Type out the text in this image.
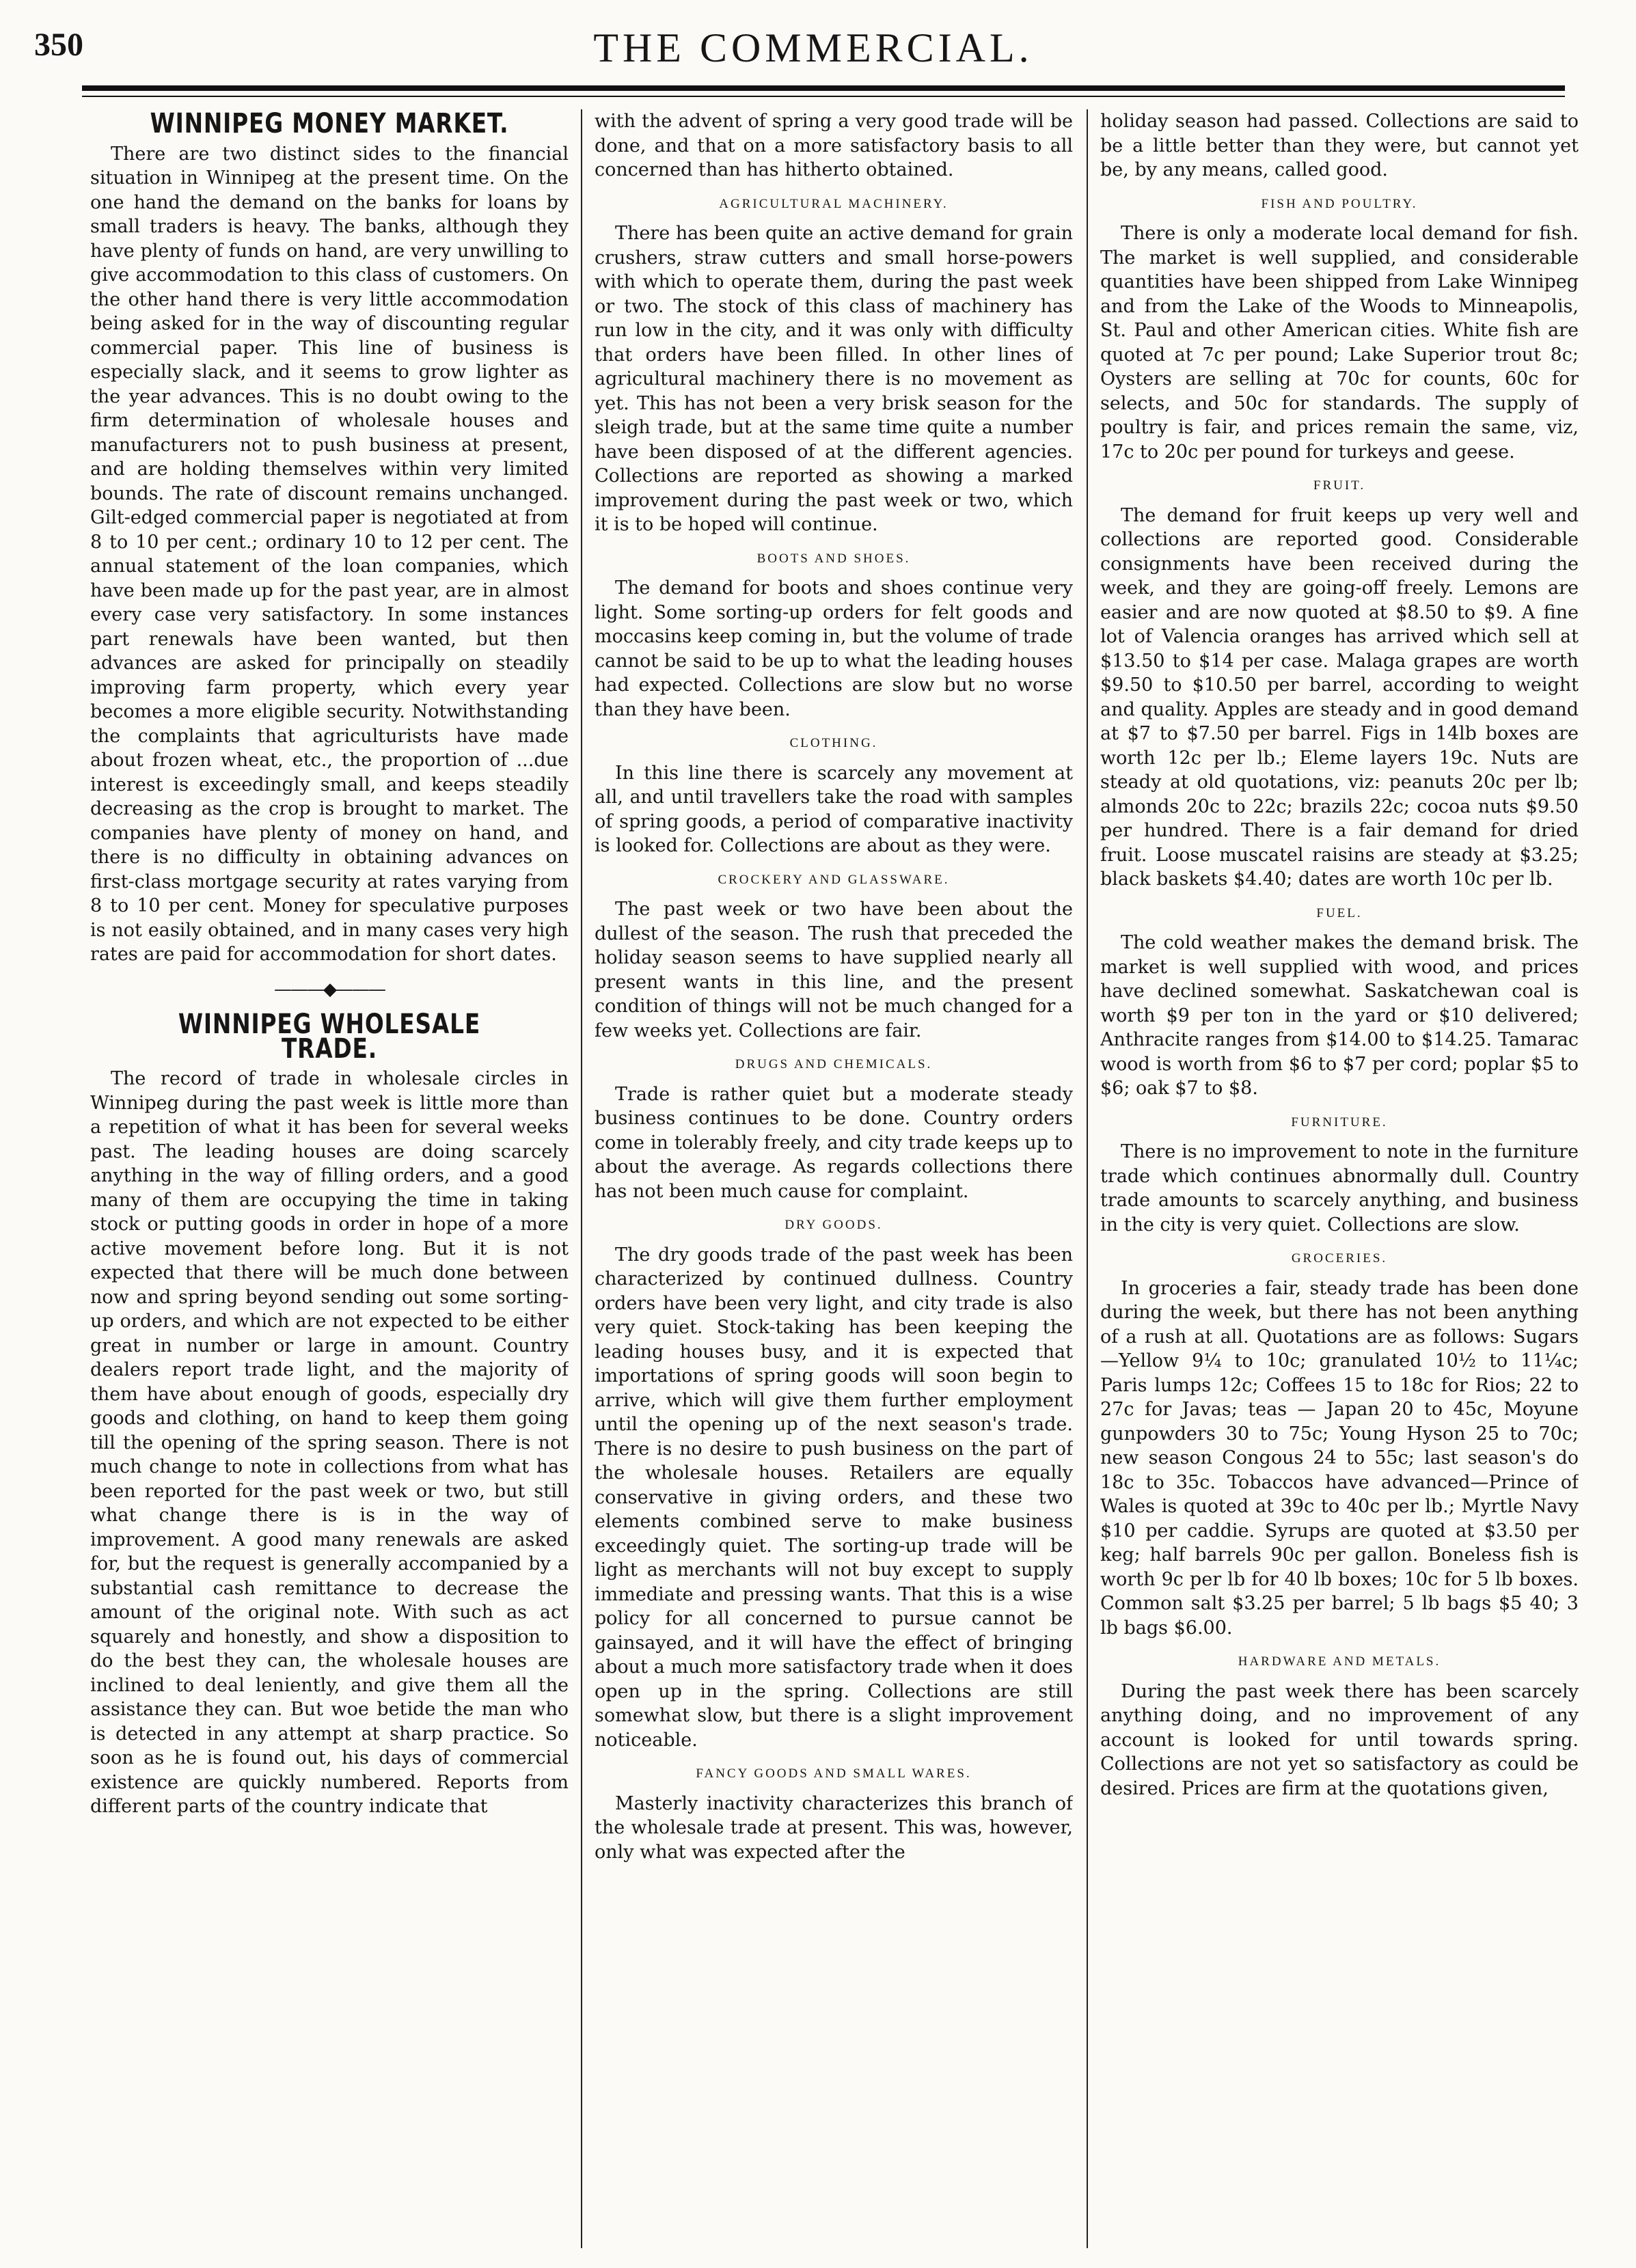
350	THE COMMERCIAL.
WINNIPEG MONEY MARKET.

There are two distinct sides to the financial situation in Winnipeg at the present time. On the one hand the demand on the banks for loans by small traders is heavy. The banks, although they have plenty of funds on hand, are very unwilling to give accommodation to this class of customers. On the other hand there is very little accommodation being asked for in the way of discounting regular commercial paper. This line of business is especially slack, and it seems to grow lighter as the year advances. This is no doubt owing to the firm determination of wholesale houses and manufacturers not to push business at present, and are holding themselves within very limited bounds. The rate of discount remains unchanged. Gilt-edged commercial paper is negotiated at from 8 to 10 per cent.; ordinary 10 to 12 per cent. The annual statement of the loan companies, which have been made up for the past year, are in almost every case very satisfactory. In some instances part renewals have been wanted, but then advances are asked for principally on steadily improving farm property, which every year becomes a more eligible security. Notwithstanding the complaints that agriculturists have made about frozen wheat, etc., the proportion of ...due interest is exceedingly small, and keeps steadily decreasing as the crop is brought to market. The companies have plenty of money on hand, and there is no difficulty in obtaining advances on first-class mortgage security at rates varying from 8 to 10 per cent. Money for speculative purposes is not easily obtained, and in many cases very high rates are paid for accommodation for short dates.

———◆———
WINNIPEG WHOLESALE TRADE.

The record of trade in wholesale circles in Winnipeg during the past week is little more than a repetition of what it has been for several weeks past. The leading houses are doing scarcely anything in the way of filling orders, and a good many of them are occupying the time in taking stock or putting goods in order in hope of a more active movement before long. But it is not expected that there will be much done between now and spring beyond sending out some sorting-up orders, and which are not expected to be either great in number or large in amount. Country dealers report trade light, and the majority of them have about enough of goods, especially dry goods and clothing, on hand to keep them going till the opening of the spring season. There is not much change to note in collections from what has been reported for the past week or two, but still what change there is is in the way of improvement. A good many renewals are asked for, but the request is generally accompanied by a substantial cash remittance to decrease the amount of the original note. With such as act squarely and honestly, and show a disposition to do the best they can, the wholesale houses are inclined to deal leniently, and give them all the assistance they can. But woe betide the man who is detected in any attempt at sharp practice. So soon as he is found out, his days of commercial existence are quickly numbered. Reports from different parts of the country indicate that

with the advent of spring a very good trade will be done, and that on a more satisfactory basis to all concerned than has hitherto obtained.

AGRICULTURAL MACHINERY.

There has been quite an active demand for grain crushers, straw cutters and small horse-powers with which to operate them, during the past week or two. The stock of this class of machinery has run low in the city, and it was only with difficulty that orders have been filled. In other lines of agricultural machinery there is no movement as yet. This has not been a very brisk season for the sleigh trade, but at the same time quite a number have been disposed of at the different agencies. Collections are reported as showing a marked improvement during the past week or two, which it is to be hoped will continue.

BOOTS AND SHOES.

The demand for boots and shoes continue very light. Some sorting-up orders for felt goods and moccasins keep coming in, but the volume of trade cannot be said to be up to what the leading houses had expected. Collections are slow but no worse than they have been.

CLOTHING.

In this line there is scarcely any movement at all, and until travellers take the road with samples of spring goods, a period of comparative inactivity is looked for. Collections are about as they were.

CROCKERY AND GLASSWARE.

The past week or two have been about the dullest of the season. The rush that preceded the holiday season seems to have supplied nearly all present wants in this line, and the present condition of things will not be much changed for a few weeks yet. Collections are fair.

DRUGS AND CHEMICALS.

Trade is rather quiet but a moderate steady business continues to be done. Country orders come in tolerably freely, and city trade keeps up to about the average. As regards collections there has not been much cause for complaint.

DRY GOODS.

The dry goods trade of the past week has been characterized by continued dullness. Country orders have been very light, and city trade is also very quiet. Stock-taking has been keeping the leading houses busy, and it is expected that importations of spring goods will soon begin to arrive, which will give them further employment until the opening up of the next season's trade. There is no desire to push business on the part of the wholesale houses. Retailers are equally conservative in giving orders, and these two elements combined serve to make business exceedingly quiet. The sorting-up trade will be light as merchants will not buy except to supply immediate and pressing wants. That this is a wise policy for all concerned to pursue cannot be gainsayed, and it will have the effect of bringing about a much more satisfactory trade when it does open up in the spring. Collections are still somewhat slow, but there is a slight improvement noticeable.

FANCY GOODS AND SMALL WARES.

Masterly inactivity characterizes this branch of the wholesale trade at present. This was, however, only what was expected after the

holiday season had passed. Collections are said to be a little better than they were, but cannot yet be, by any means, called good.

FISH AND POULTRY.

There is only a moderate local demand for fish. The market is well supplied, and considerable quantities have been shipped from Lake Winnipeg and from the Lake of the Woods to Minneapolis, St. Paul and other American cities. White fish are quoted at 7c per pound; Lake Superior trout 8c; Oysters are selling at 70c for counts, 60c for selects, and 50c for standards. The supply of poultry is fair, and prices remain the same, viz, 17c to 20c per pound for turkeys and geese.

FRUIT.

The demand for fruit keeps up very well and collections are reported good. Considerable consignments have been received during the week, and they are going-off freely. Lemons are easier and are now quoted at $8.50 to $9. A fine lot of Valencia oranges has arrived which sell at $13.50 to $14 per case. Malaga grapes are worth $9.50 to $10.50 per barrel, according to weight and quality. Apples are steady and in good demand at $7 to $7.50 per barrel. Figs in 14lb boxes are worth 12c per lb.; Eleme layers 19c. Nuts are steady at old quotations, viz: peanuts 20c per lb; almonds 20c to 22c; brazils 22c; cocoa nuts $9.50 per hundred. There is a fair demand for dried fruit. Loose muscatel raisins are steady at $3.25; black baskets $4.40; dates are worth 10c per lb.

FUEL.

The cold weather makes the demand brisk. The market is well supplied with wood, and prices have declined somewhat. Saskatchewan coal is worth $9 per ton in the yard or $10 delivered; Anthracite ranges from $14.00 to $14.25. Tamarac wood is worth from $6 to $7 per cord; poplar $5 to $6; oak $7 to $8.

FURNITURE.

There is no improvement to note in the furniture trade which continues abnormally dull. Country trade amounts to scarcely anything, and business in the city is very quiet. Collections are slow.

GROCERIES.

In groceries a fair, steady trade has been done during the week, but there has not been anything of a rush at all. Quotations are as follows: Sugars—Yellow 9¼ to 10c; granulated 10½ to 11¼c; Paris lumps 12c; Coffees 15 to 18c for Rios; 22 to 27c for Javas; teas — Japan 20 to 45c, Moyune gunpowders 30 to 75c; Young Hyson 25 to 70c; new season Congous 24 to 55c; last season's do 18c to 35c. Tobaccos have advanced—Prince of Wales is quoted at 39c to 40c per lb.; Myrtle Navy $10 per caddie. Syrups are quoted at $3.50 per keg; half barrels 90c per gallon. Boneless fish is worth 9c per lb for 40 lb boxes; 10c for 5 lb boxes. Common salt $3.25 per barrel; 5 lb bags $5 40; 3 lb bags $6.00.

HARDWARE AND METALS.

During the past week there has been scarcely anything doing, and no improvement of any account is looked for until towards spring. Collections are not yet so satisfactory as could be desired. Prices are firm at the quotations given,
